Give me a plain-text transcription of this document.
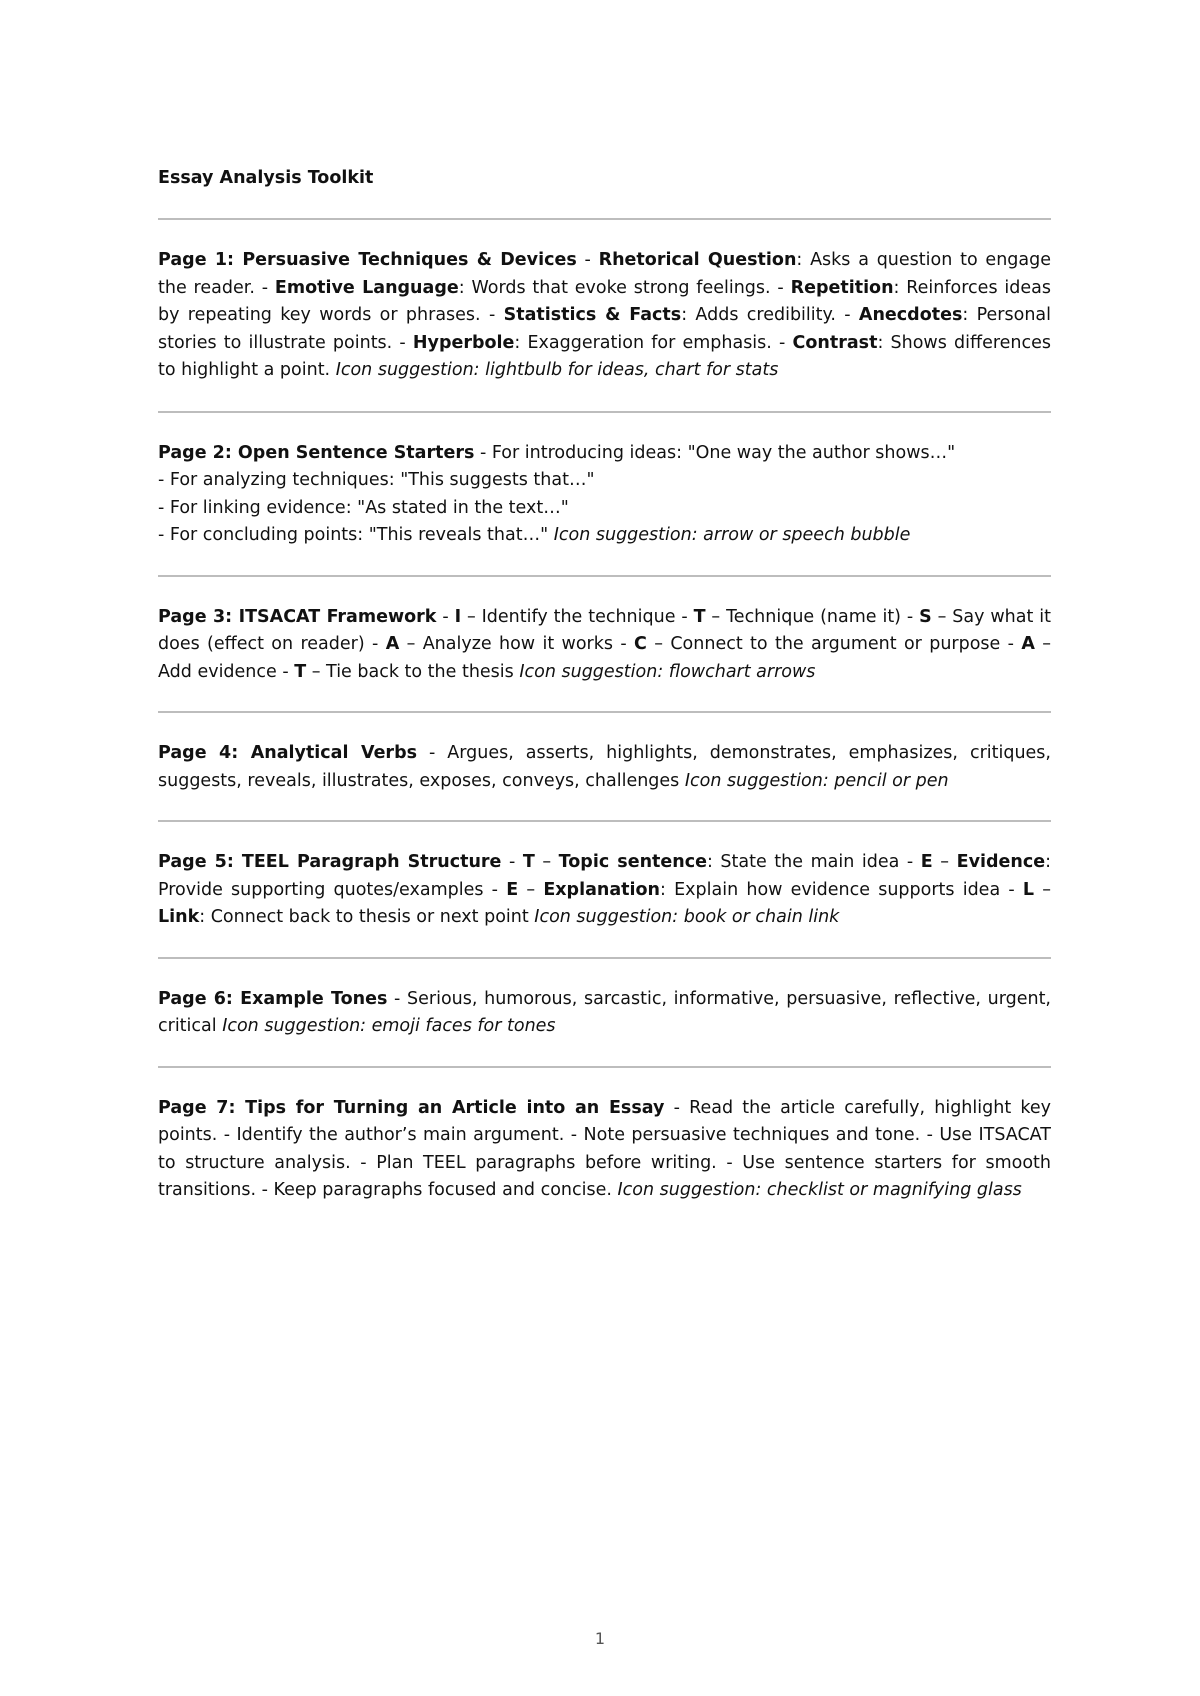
Essay Analysis Toolkit
Page 1: Persuasive Techniques & Devices - Rhetorical Question: Asks a question to engage the reader. - Emotive Language: Words that evoke strong feelings. - Repetition: Reinforces ideas by repeating key words or phrases. - Statistics & Facts: Adds credibility. - Anecdotes: Personal stories to illustrate points. - Hyperbole: Exaggeration for emphasis. - Contrast: Shows differences to highlight a point. Icon suggestion: lightbulb for ideas, chart for stats
Page 2: Open Sentence Starters - For introducing ideas: "One way the author shows…"
- For analyzing techniques: "This suggests that…"
- For linking evidence: "As stated in the text…"
- For concluding points: "This reveals that…" Icon suggestion: arrow or speech bubble
Page 3: ITSACAT Framework - I – Identify the technique - T – Technique (name it) - S – Say what it does (effect on reader) - A – Analyze how it works - C – Connect to the argument or purpose - A – Add evidence - T – Tie back to the thesis Icon suggestion: flowchart arrows
Page 4: Analytical Verbs - Argues, asserts, highlights, demonstrates, emphasizes, critiques, suggests, reveals, illustrates, exposes, conveys, challenges Icon suggestion: pencil or pen
Page 5: TEEL Paragraph Structure - T – Topic sentence: State the main idea - E – Evidence: Provide supporting quotes/examples - E – Explanation: Explain how evidence supports idea - L – Link: Connect back to thesis or next point Icon suggestion: book or chain link
Page 6: Example Tones - Serious, humorous, sarcastic, informative, persuasive, reflective, urgent, critical Icon suggestion: emoji faces for tones
Page 7: Tips for Turning an Article into an Essay - Read the article carefully, highlight key points. - Identify the author’s main argument. - Note persuasive techniques and tone. - Use ITSACAT to structure analysis. - Plan TEEL paragraphs before writing. - Use sentence starters for smooth transitions. - Keep paragraphs focused and concise. Icon suggestion: checklist or magnifying glass
1
